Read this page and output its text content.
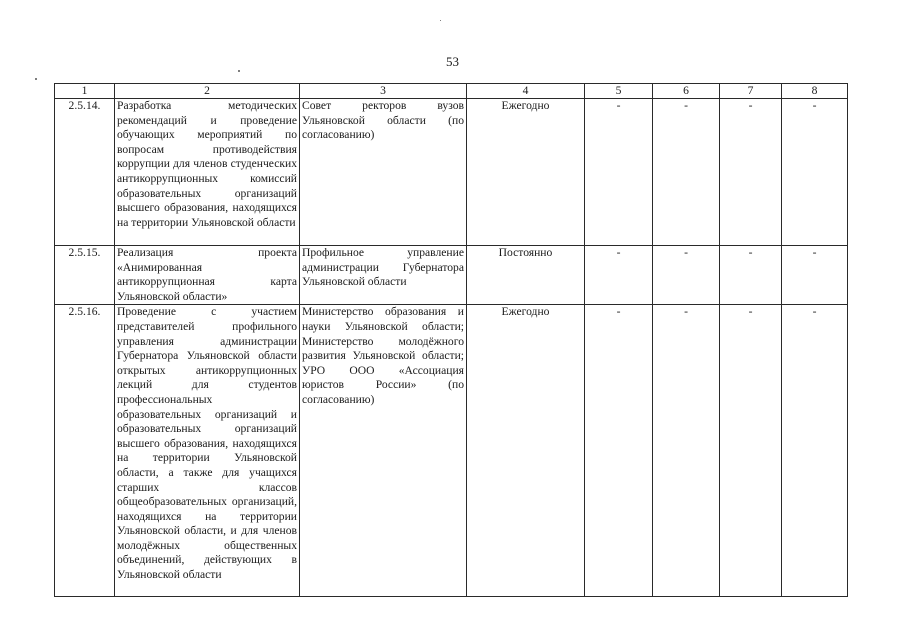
53
1	2	3	4	5	6	7	8
2.5.14.	Разработка методических рекомендаций и проведение обучающих мероприятий по вопросам противодействия коррупции для членов студенческих антикоррупционных комиссий образовательных организаций высшего образования, находящихся на территории Ульяновской области	Совет ректоров вузов Ульяновской области (по согласованию)	Ежегодно	-	-	-	-
2.5.15.	Реализация проекта «Анимированная антикоррупционная карта Ульяновской области»	Профильное управление администрации Губернатора Ульяновской области	Постоянно	-	-	-	-
2.5.16.	Проведение с участием представителей профильного управления администрации Губернатора Ульяновской области открытых антикоррупционных лекций для студентов профессиональных образовательных организаций и образовательных организаций высшего образования, находящихся на территории Ульяновской области, а также для учащихся старших классов общеобразовательных организаций, находящихся на территории Ульяновской области, и для членов молодёжных общественных объединений, действующих в Ульяновской области	Министерство образования и науки Ульяновской области; Министерство молодёжного развития Ульяновской области; УРО ООО «Ассоциация юристов России» (по согласованию)	Ежегодно	-	-	-	-
